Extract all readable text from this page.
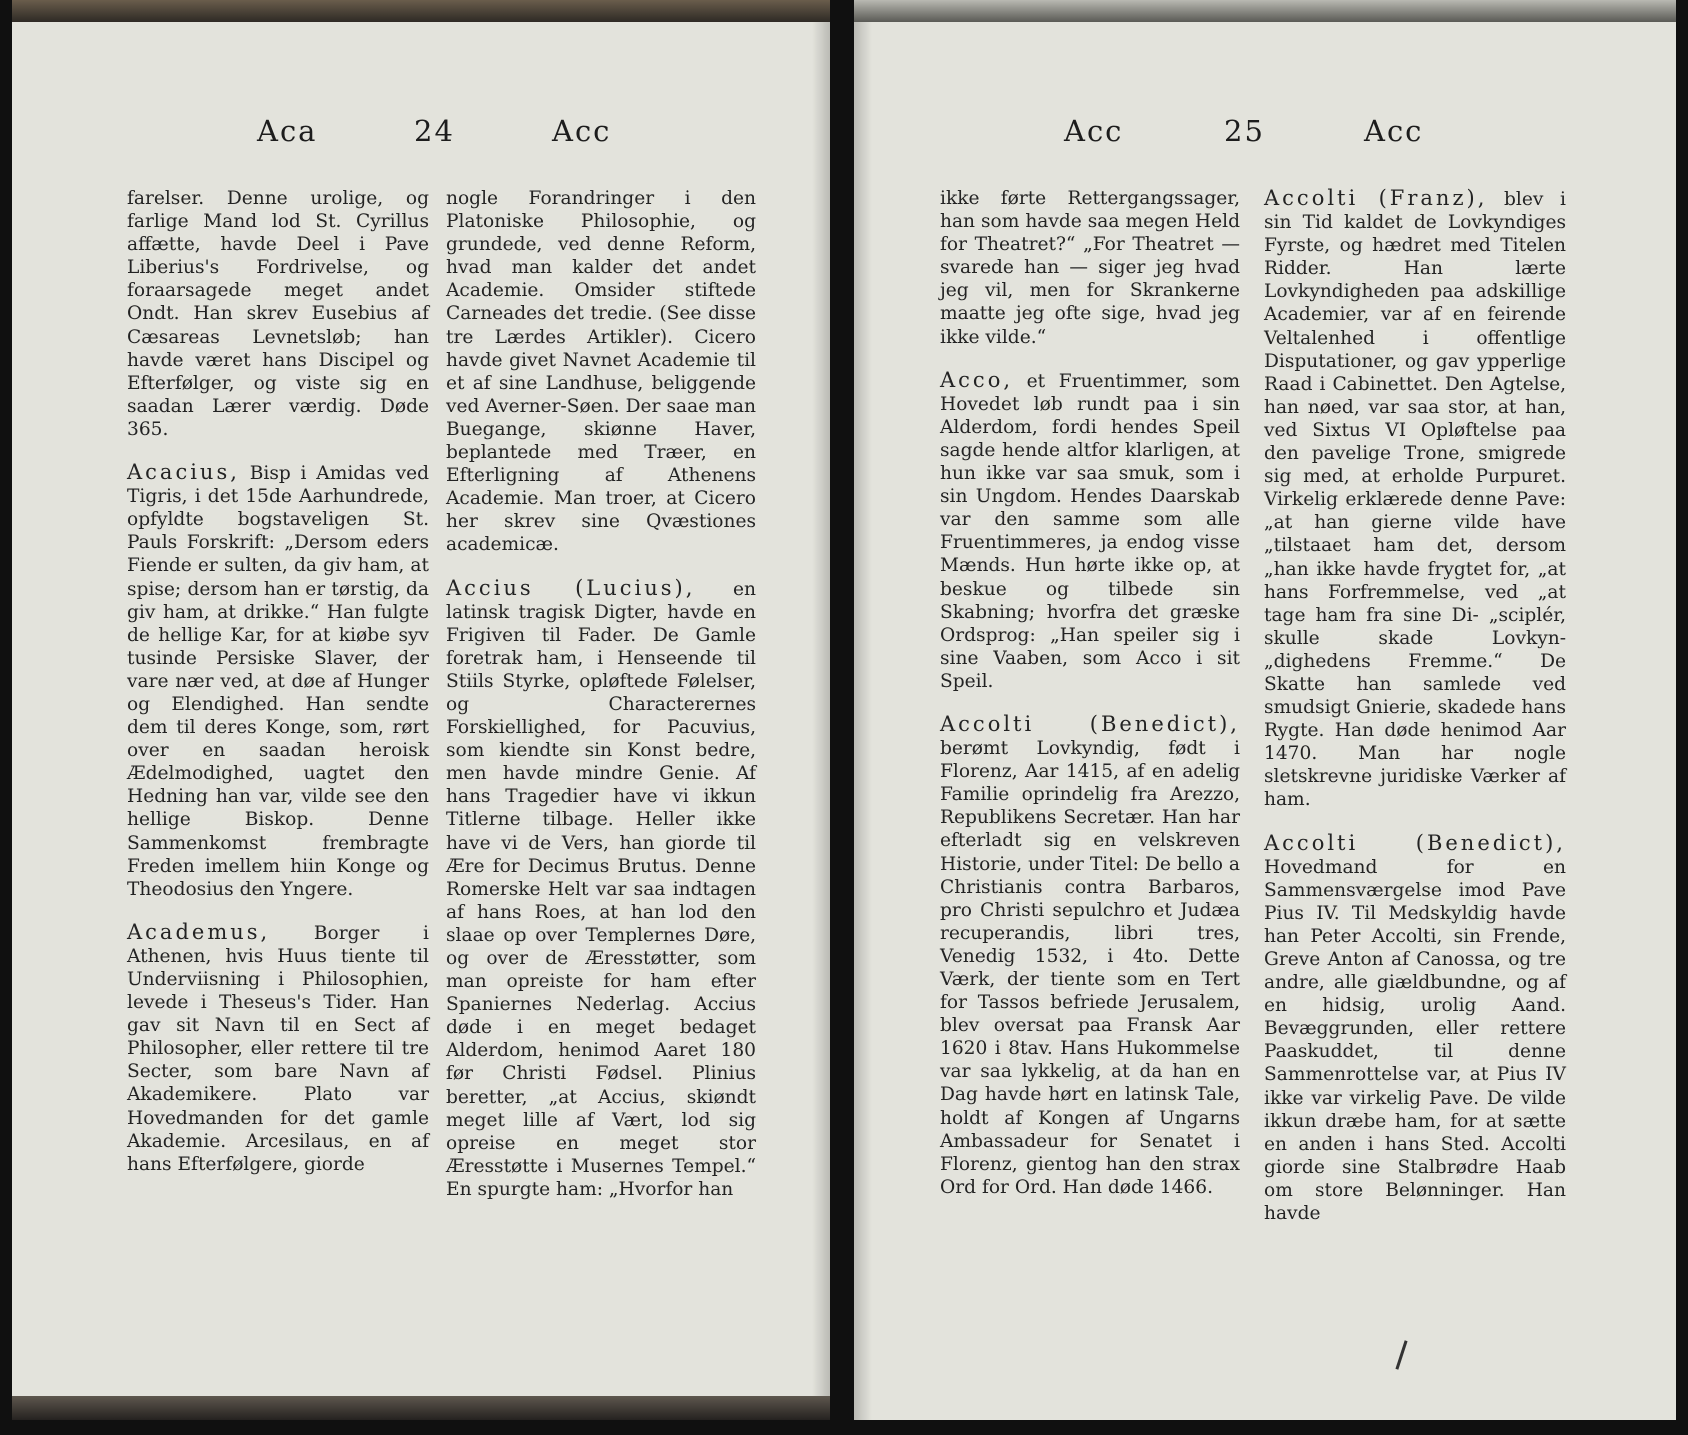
Aca	24	Acc

farelser. Denne urolige, og farlige Mand lod St. Cyrillus affætte, havde Deel i Pave Liberius's Fordrivelse, og foraarsagede meget andet Ondt. Han skrev Eusebius af Cæsareas Levnetsløb; han havde været hans Discipel og Efterfølger, og viste sig en saadan Lærer værdig. Døde 365.

Acacius, Bisp i Amidas ved Tigris, i det 15de Aarhundrede, opfyldte bogstaveligen St. Pauls Forskrift: „Dersom eders Fiende er sulten, da giv ham, at spise; dersom han er tørstig, da giv ham, at drikke.“ Han fulgte de hellige Kar, for at kiøbe syv tusinde Persiske Slaver, der vare nær ved, at døe af Hunger og Elendighed. Han sendte dem til deres Konge, som, rørt over en saadan heroisk Ædelmodighed, uagtet den Hedning han var, vilde see den hellige Biskop. Denne Sammenkomst frembragte Freden imellem hiin Konge og Theodosius den Yngere.

Academus, Borger i Athenen, hvis Huus tiente til Underviisning i Philosophien, levede i Theseus's Tider. Han gav sit Navn til en Sect af Philosopher, eller rettere til tre Secter, som bare Navn af Akademikere. Plato var Hovedmanden for det gamle Akademie. Arcesilaus, en af hans Efterfølgere, giorde

nogle Forandringer i den Platoniske Philosophie, og grundede, ved denne Reform, hvad man kalder det andet Academie. Omsider stiftede Carneades det tredie. (See disse tre Lærdes Artikler). Cicero havde givet Navnet Academie til et af sine Landhuse, beliggende ved Averner-Søen. Der saae man Buegange, skiønne Haver, beplantede med Træer, en Efterligning af Athenens Academie. Man troer, at Cicero her skrev sine Qvæstiones academicæ.

Accius (Lucius), en latinsk tragisk Digter, havde en Frigiven til Fader. De Gamle foretrak ham, i Henseende til Stiils Styrke, opløftede Følelser, og Characterernes Forskiellighed, for Pacuvius, som kiendte sin Konst bedre, men havde mindre Genie. Af hans Tragedier have vi ikkun Titlerne tilbage. Heller ikke have vi de Vers, han giorde til Ære for Decimus Brutus. Denne Romerske Helt var saa indtagen af hans Roes, at han lod den slaae op over Templernes Døre, og over de Æresstøtter, som man opreiste for ham efter Spaniernes Nederlag. Accius døde i en meget bedaget Alderdom, henimod Aaret 180 før Christi Fødsel. Plinius beretter, „at Accius, skiøndt meget lille af Vært, lod sig opreise en meget stor Æresstøtte i Musernes Tempel.“ En spurgte ham: „Hvorfor han

Acc	25	Acc

ikke førte Rettergangssager, han som havde saa megen Held for Theatret?“ „For Theatret — svarede han — siger jeg hvad jeg vil, men for Skrankerne maatte jeg ofte sige, hvad jeg ikke vilde.“

Acco, et Fruentimmer, som Hovedet løb rundt paa i sin Alderdom, fordi hendes Speil sagde hende altfor klarligen, at hun ikke var saa smuk, som i sin Ungdom. Hendes Daarskab var den samme som alle Fruentimmeres, ja endog visse Mænds. Hun hørte ikke op, at beskue og tilbede sin Skabning; hvorfra det græske Ordsprog: „Han speiler sig i sine Vaaben, som Acco i sit Speil.

Accolti (Benedict), berømt Lovkyndig, født i Florenz, Aar 1415, af en adelig Familie oprindelig fra Arezzo, Republikens Secretær. Han har efterladt sig en velskreven Historie, under Titel: De bello a Christianis contra Barbaros, pro Christi sepulchro et Judæa recuperandis, libri tres, Venedig 1532, i 4to. Dette Værk, der tiente som en Tert for Tassos befriede Jerusalem, blev oversat paa Fransk Aar 1620 i 8tav. Hans Hukommelse var saa lykkelig, at da han en Dag havde hørt en latinsk Tale, holdt af Kongen af Ungarns Ambassadeur for Senatet i Florenz, gientog han den strax Ord for Ord. Han døde 1466.

Accolti (Franz), blev i sin Tid kaldet de Lovkyndiges Fyrste, og hædret med Titelen Ridder. Han lærte Lovkyndigheden paa adskillige Academier, var af en feirende Veltalenhed i offentlige Disputationer, og gav ypperlige Raad i Cabinettet. Den Agtelse, han nøed, var saa stor, at han, ved Sixtus VI Opløftelse paa den pavelige Trone, smigrede sig med, at erholde Purpuret. Virkelig erklærede denne Pave: „at han gierne vilde have „tilstaaet ham det, dersom „han ikke havde frygtet for, „at hans Forfremmelse, ved „at tage ham fra sine Di- „sciplér, skulle skade Lovkyn- „dighedens Fremme.“ De Skatte han samlede ved smudsigt Gnierie, skadede hans Rygte. Han døde henimod Aar 1470. Man har nogle sletskrevne juridiske Værker af ham.

Accolti (Benedict), Hovedmand for en Sammensværgelse imod Pave Pius IV. Til Medskyldig havde han Peter Accolti, sin Frende, Greve Anton af Canossa, og tre andre, alle giældbundne, og af en hidsig, urolig Aand. Bevæggrunden, eller rettere Paaskuddet, til denne Sammenrottelse var, at Pius IV ikke var virkelig Pave. De vilde ikkun dræbe ham, for at sætte en anden i hans Sted. Accolti giorde sine Stalbrødre Haab om store Belønninger. Han havde
